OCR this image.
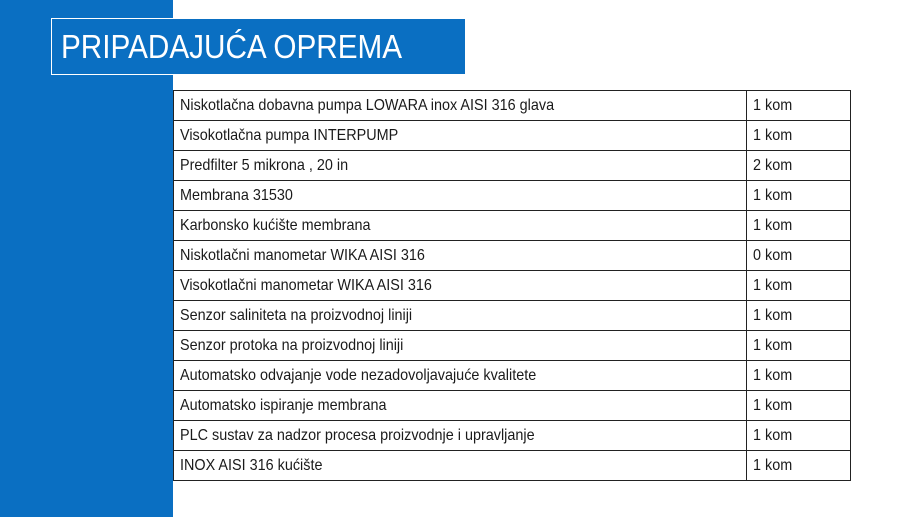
PRIPADAJUĆA OPREMA
Niskotlačna dobavna pumpa LOWARA inox AISI 316 glava	1 kom
Visokotlačna pumpa INTERPUMP	1 kom
Predfilter 5 mikrona , 20 in	2 kom
Membrana 31530	1 kom
Karbonsko kućište membrana	1 kom
Niskotlačni manometar WIKA AISI 316	0 kom
Visokotlačni manometar WIKA AISI 316	1 kom
Senzor saliniteta na proizvodnoj liniji	1 kom
Senzor protoka na proizvodnoj liniji	1 kom
Automatsko odvajanje vode nezadovoljavajuće kvalitete	1 kom
Automatsko ispiranje membrana	1 kom
PLC sustav za nadzor procesa proizvodnje i upravljanje	1 kom
INOX AISI 316 kućište	1 kom
